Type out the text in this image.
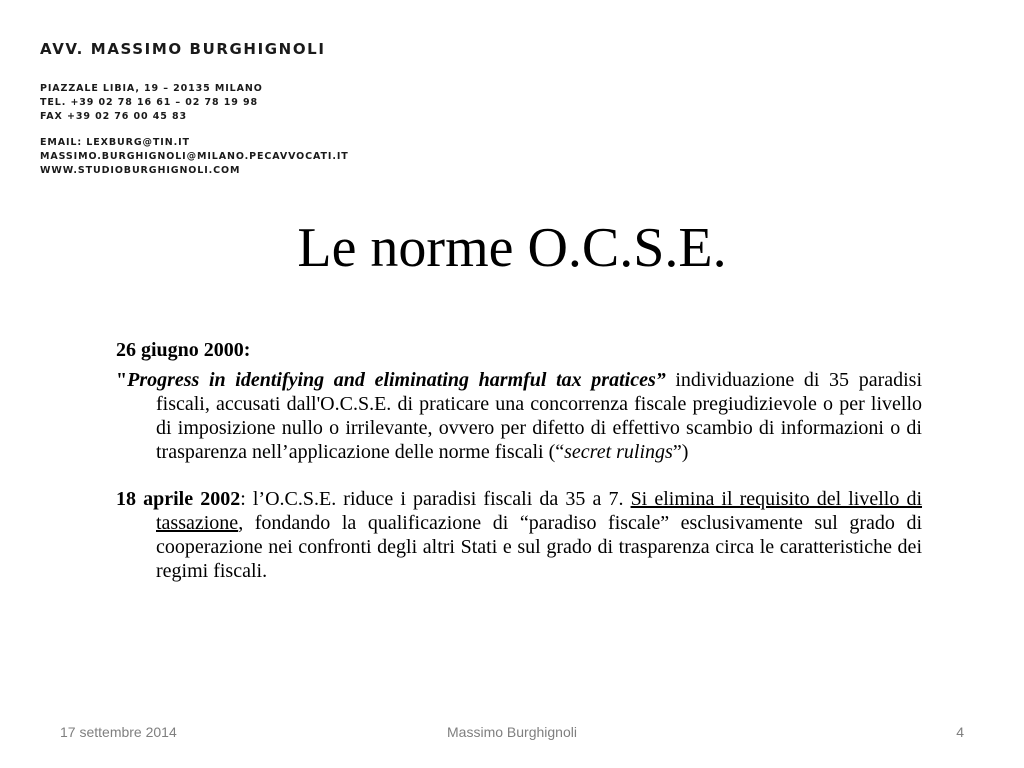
AVV. MASSIMO BURGHIGNOLI

PIAZZALE LIBIA, 19 – 20135 MILANO

TEL. +39 02 78 16 61 – 02 78 19 98

FAX +39 02 76 00 45 83

EMAIL: LEXBURG@TIN.IT

MASSIMO.BURGHIGNOLI@MILANO.PECAVVOCATI.IT

WWW.STUDIOBURGHIGNOLI.COM

Le norme O.C.S.E.

26 giugno 2000:

"Progress in identifying and eliminating harmful tax pratices” individuazione di 35 paradisi fiscali, accusati dall'O.C.S.E. di praticare una concorrenza fiscale pregiudizievole o per livello di imposizione nullo o irrilevante, ovvero per difetto di effettivo scambio di informazioni o di trasparenza nell’applicazione delle norme fiscali (“secret rulings”)

18 aprile 2002: l’O.C.S.E. riduce i paradisi fiscali da 35 a 7. Si elimina il requisito del livello di tassazione, fondando la qualificazione di “paradiso fiscale” esclusivamente sul grado di cooperazione nei confronti degli altri Stati e sul grado di trasparenza circa le caratteristiche dei regimi fiscali.

17 settembre 2014	Massimo Burghignoli	4
